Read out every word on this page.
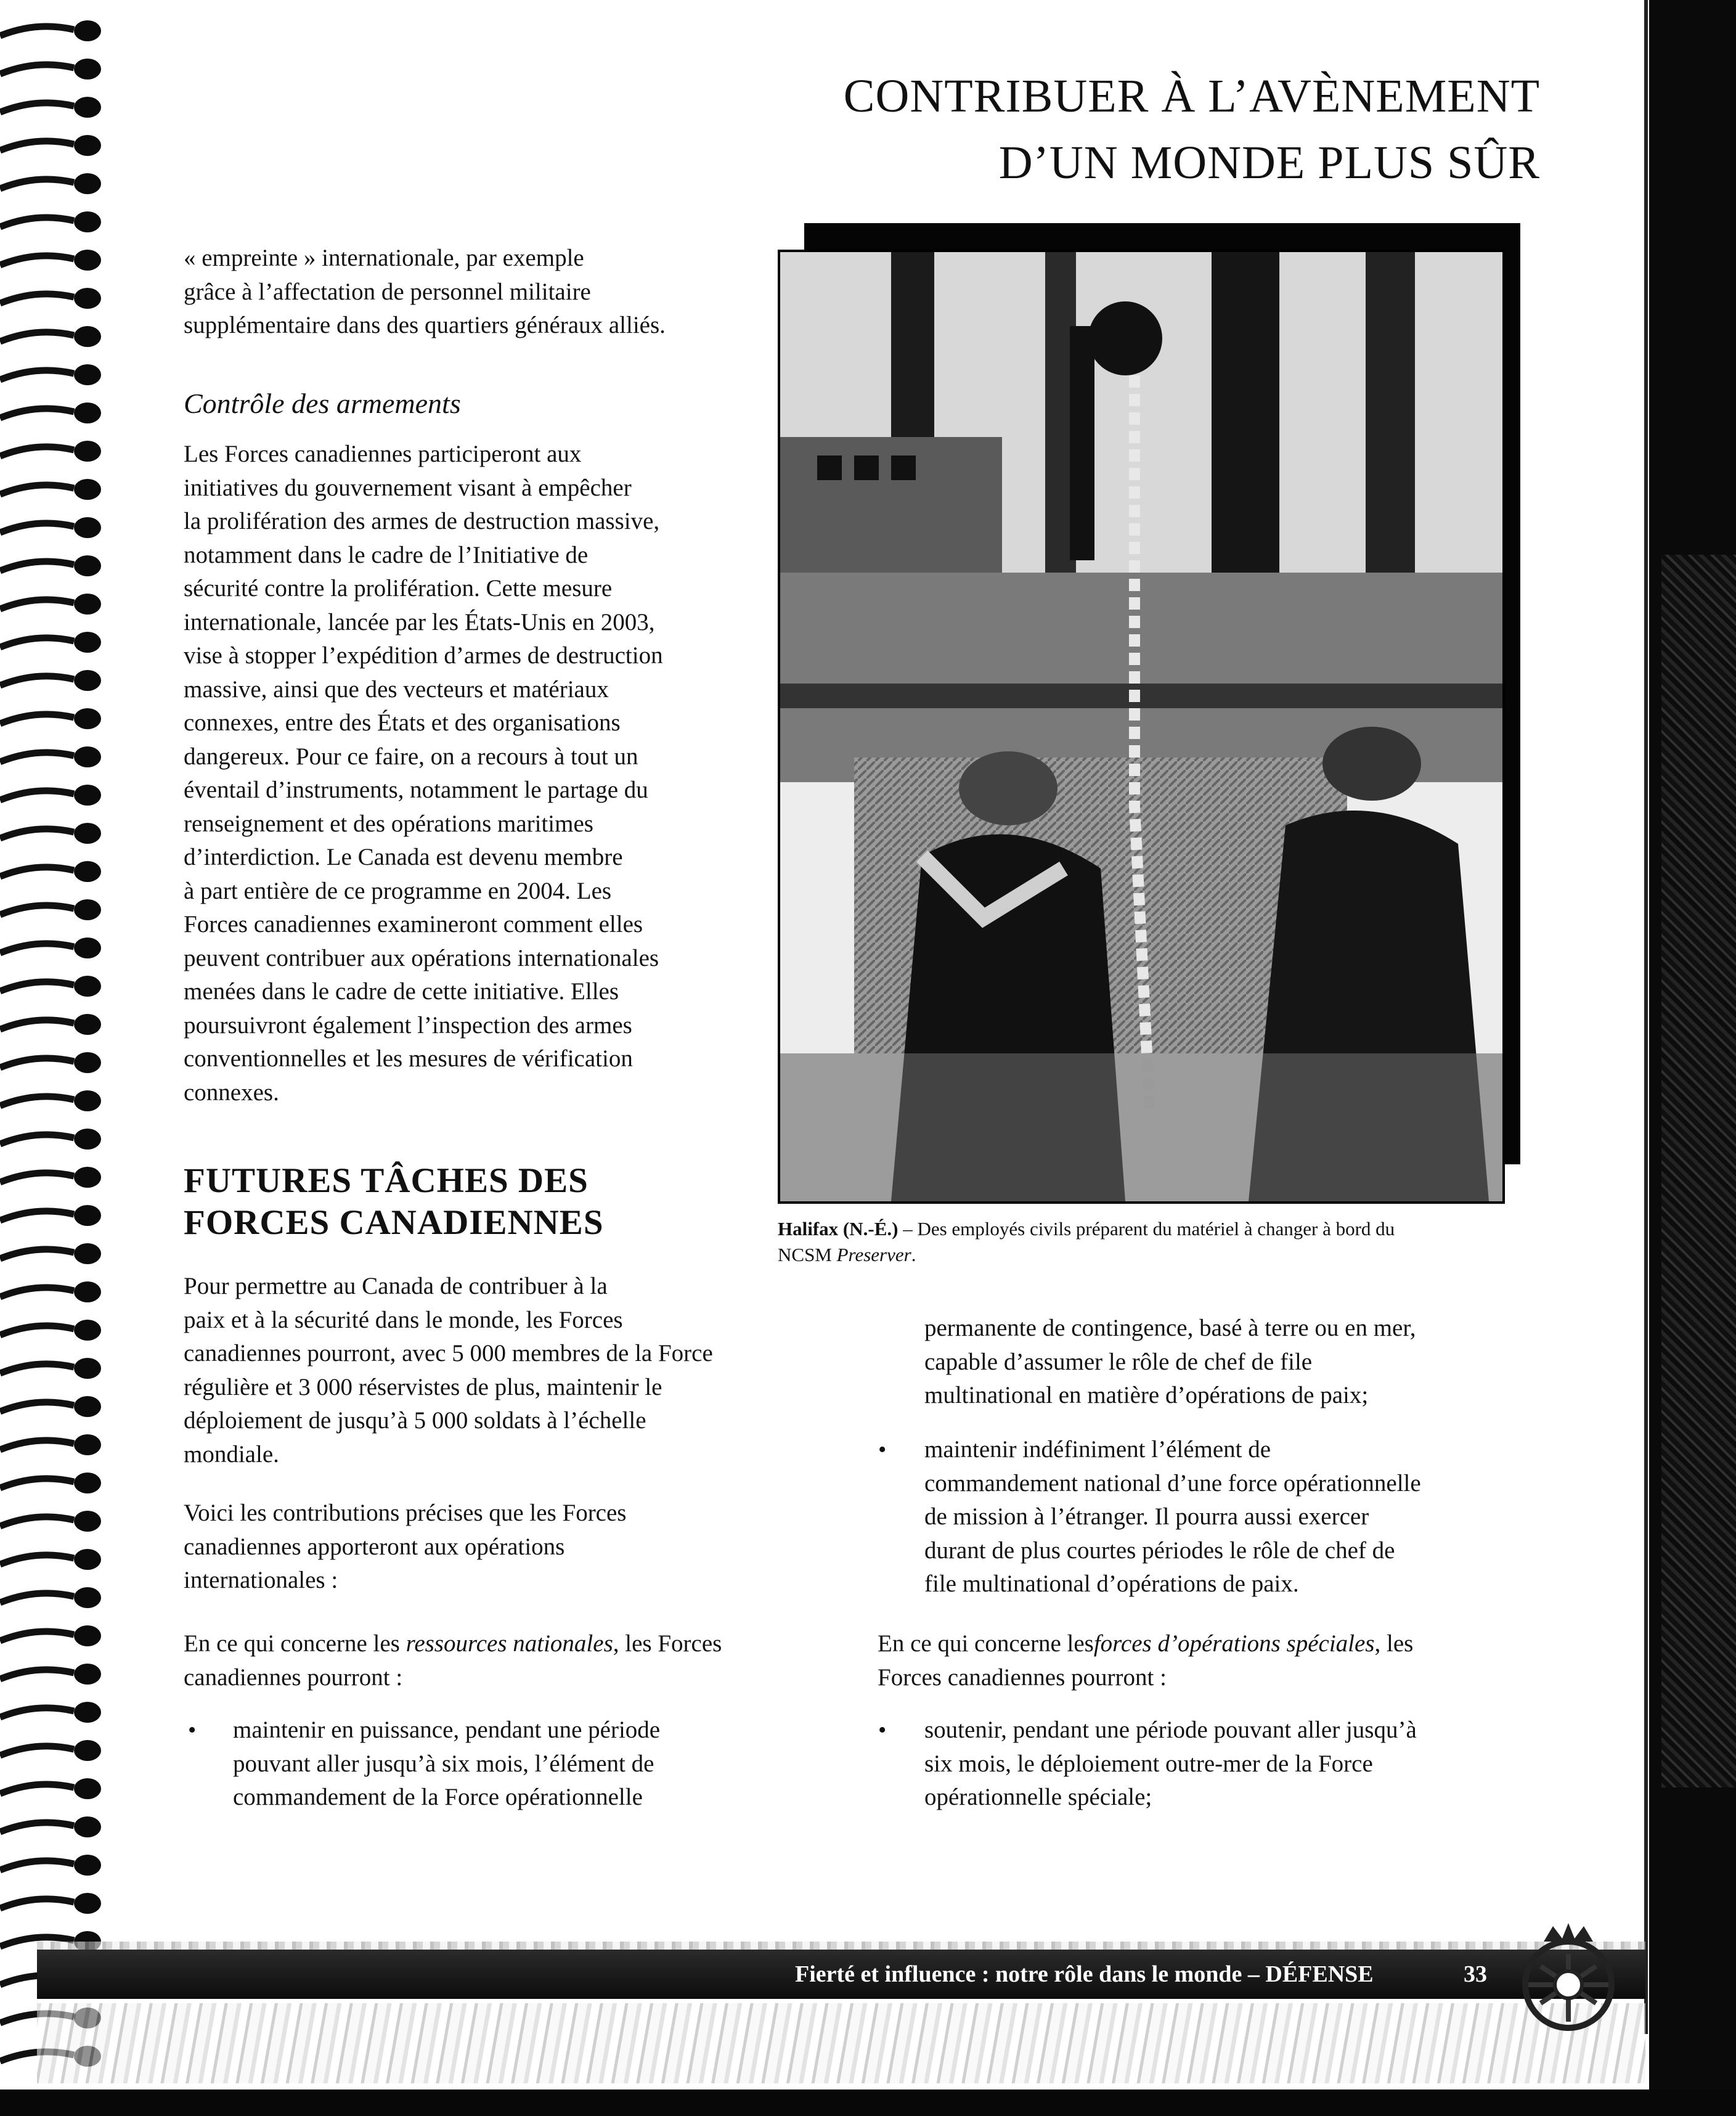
CONTRIBUER À L’AVÈNEMENT
D’UN MONDE PLUS SÛR
« empreinte » internationale, par exemple
grâce à l’affectation de personnel militaire
supplémentaire dans des quartiers généraux alliés.
Contrôle des armements
Les Forces canadiennes participeront aux
initiatives du gouvernement visant à empêcher
la prolifération des armes de destruction massive,
notamment dans le cadre de l’Initiative de
sécurité contre la prolifération. Cette mesure
internationale, lancée par les États-Unis en 2003,
vise à stopper l’expédition d’armes de destruction
massive, ainsi que des vecteurs et matériaux
connexes, entre des États et des organisations
dangereux. Pour ce faire, on a recours à tout un
éventail d’instruments, notamment le partage du
renseignement et des opérations maritimes
d’interdiction. Le Canada est devenu membre
à part entière de ce programme en 2004. Les
Forces canadiennes examineront comment elles
peuvent contribuer aux opérations internationales
menées dans le cadre de cette initiative. Elles
poursuivront également l’inspection des armes
conventionnelles et les mesures de vérification
connexes.
FUTURES TÂCHES DES
FORCES CANADIENNES
Pour permettre au Canada de contribuer à la
paix et à la sécurité dans le monde, les Forces
canadiennes pourront, avec 5 000 membres de la Force
régulière et 3 000 réservistes de plus, maintenir le
déploiement de jusqu’à 5 000 soldats à l’échelle
mondiale.
Voici les contributions précises que les Forces
canadiennes apporteront aux opérations
internationales :
En ce qui concerne les ressources nationales, les Forces
canadiennes pourront :
• maintenir en puissance, pendant une période
pouvant aller jusqu’à six mois, l’élément de
commandement de la Force opérationnelle
permanente de contingence, basé à terre ou en mer,
capable d’assumer le rôle de chef de file
multinational en matière d’opérations de paix;
• maintenir indéfiniment l’élément de
commandement national d’une force opérationnelle
de mission à l’étranger. Il pourra aussi exercer
durant de plus courtes périodes le rôle de chef de
file multinational d’opérations de paix.
En ce qui concerne lesforces d’opérations spéciales, les
Forces canadiennes pourront :
• soutenir, pendant une période pouvant aller jusqu’à
six mois, le déploiement outre-mer de la Force
opérationnelle spéciale;
Halifax (N.-É.) – Des employés civils préparent du matériel à changer à bord du
NCSM Preserver.
Fierté et influence : notre rôle dans le monde – DÉFENSE	33
